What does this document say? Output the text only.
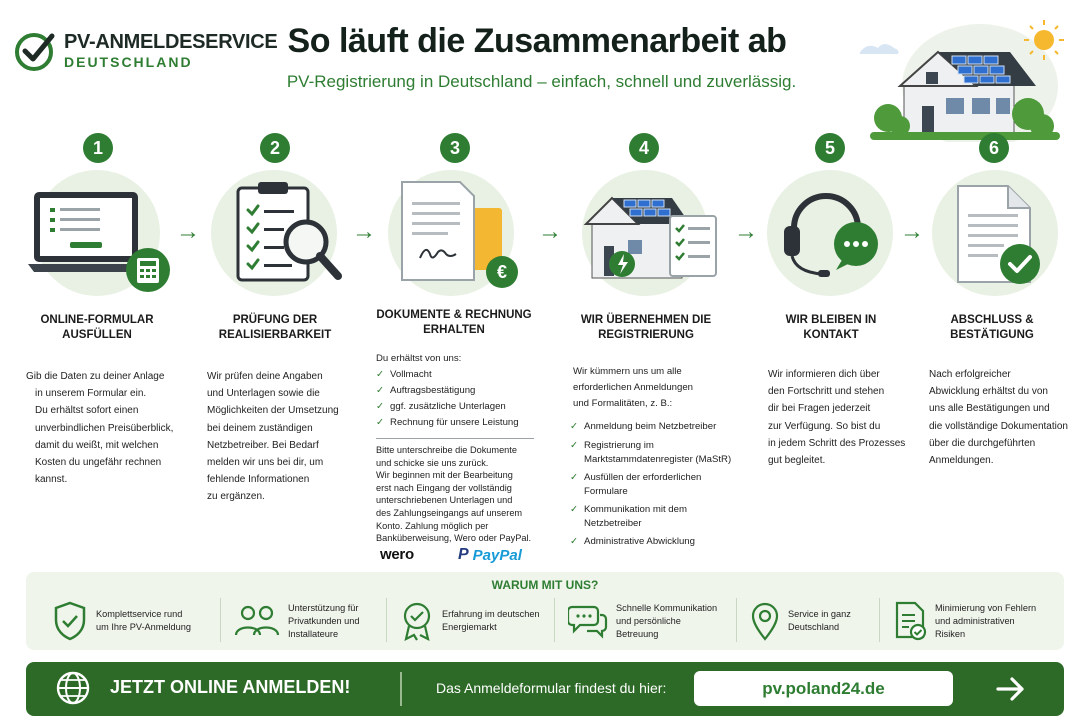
PV-ANMELDESERVICE
DEUTSCHLAND
So läuft die Zusammenarbeit ab
PV-Registrierung in Deutschland – einfach, schnell und zuverlässig.
1	2	3	4	5	6
→	→
€
→	→	→
ONLINE-FORMULAR
AUSFÜLLEN
PRÜFUNG DER
REALISIERBARKEIT
DOKUMENTE & RECHNUNG
ERHALTEN
WIR ÜBERNEHMEN DIE
REGISTRIERUNG
WIR BLEIBEN IN
KONTAKT
ABSCHLUSS &
BESTÄTIGUNG
Gib die Daten zu deiner Anlage
in unserem Formular ein.
Du erhältst sofort einen
unverbindlichen Preisüberblick,
damit du weißt, mit welchen
Kosten du ungefähr rechnen
kannst.
Wir prüfen deine Angaben
und Unterlagen sowie die
Möglichkeiten der Umsetzung
bei deinem zuständigen
Netzbetreiber. Bei Bedarf
melden wir uns bei dir, um
fehlende Informationen
zu ergänzen.
Du erhältst von uns:
✓ Vollmacht
✓ Auftragsbestätigung
✓ ggf. zusätzliche Unterlagen
✓ Rechnung für unsere Leistung
Bitte unterschreibe die Dokumente
und schicke sie uns zurück.
Wir beginnen mit der Bearbeitung
erst nach Eingang der vollständig
unterschriebenen Unterlagen und
des Zahlungseingangs auf unserem
Konto. Zahlung möglich per
Banküberweisung, Wero oder PayPal.
wero	P PayPal
Wir kümmern uns um alle
erforderlichen Anmeldungen
und Formalitäten, z. B.:
✓ Anmeldung beim Netzbetreiber
✓ Registrierung im
Marktstammdatenregister (MaStR)
✓ Ausfüllen der erforderlichen
Formulare
✓ Kommunikation mit dem
Netzbetreiber
✓ Administrative Abwicklung
Wir informieren dich über
den Fortschritt und stehen
dir bei Fragen jederzeit
zur Verfügung. So bist du
in jedem Schritt des Prozesses
gut begleitet.
Nach erfolgreicher
Abwicklung erhältst du von
uns alle Bestätigungen und
die vollständige Dokumentation
über die durchgeführten
Anmeldungen.
WARUM MIT UNS?
Komplettservice rund
um Ihre PV-Anmeldung
Unterstützung für
Privatkunden und
Installateure
Erfahrung im deutschen
Energiemarkt
Schnelle Kommunikation
und persönliche
Betreuung
Service in ganz
Deutschland
Minimierung von Fehlern
und administrativen
Risiken
JETZT ONLINE ANMELDEN!	Das Anmeldeformular findest du hier:	pv.poland24.de
